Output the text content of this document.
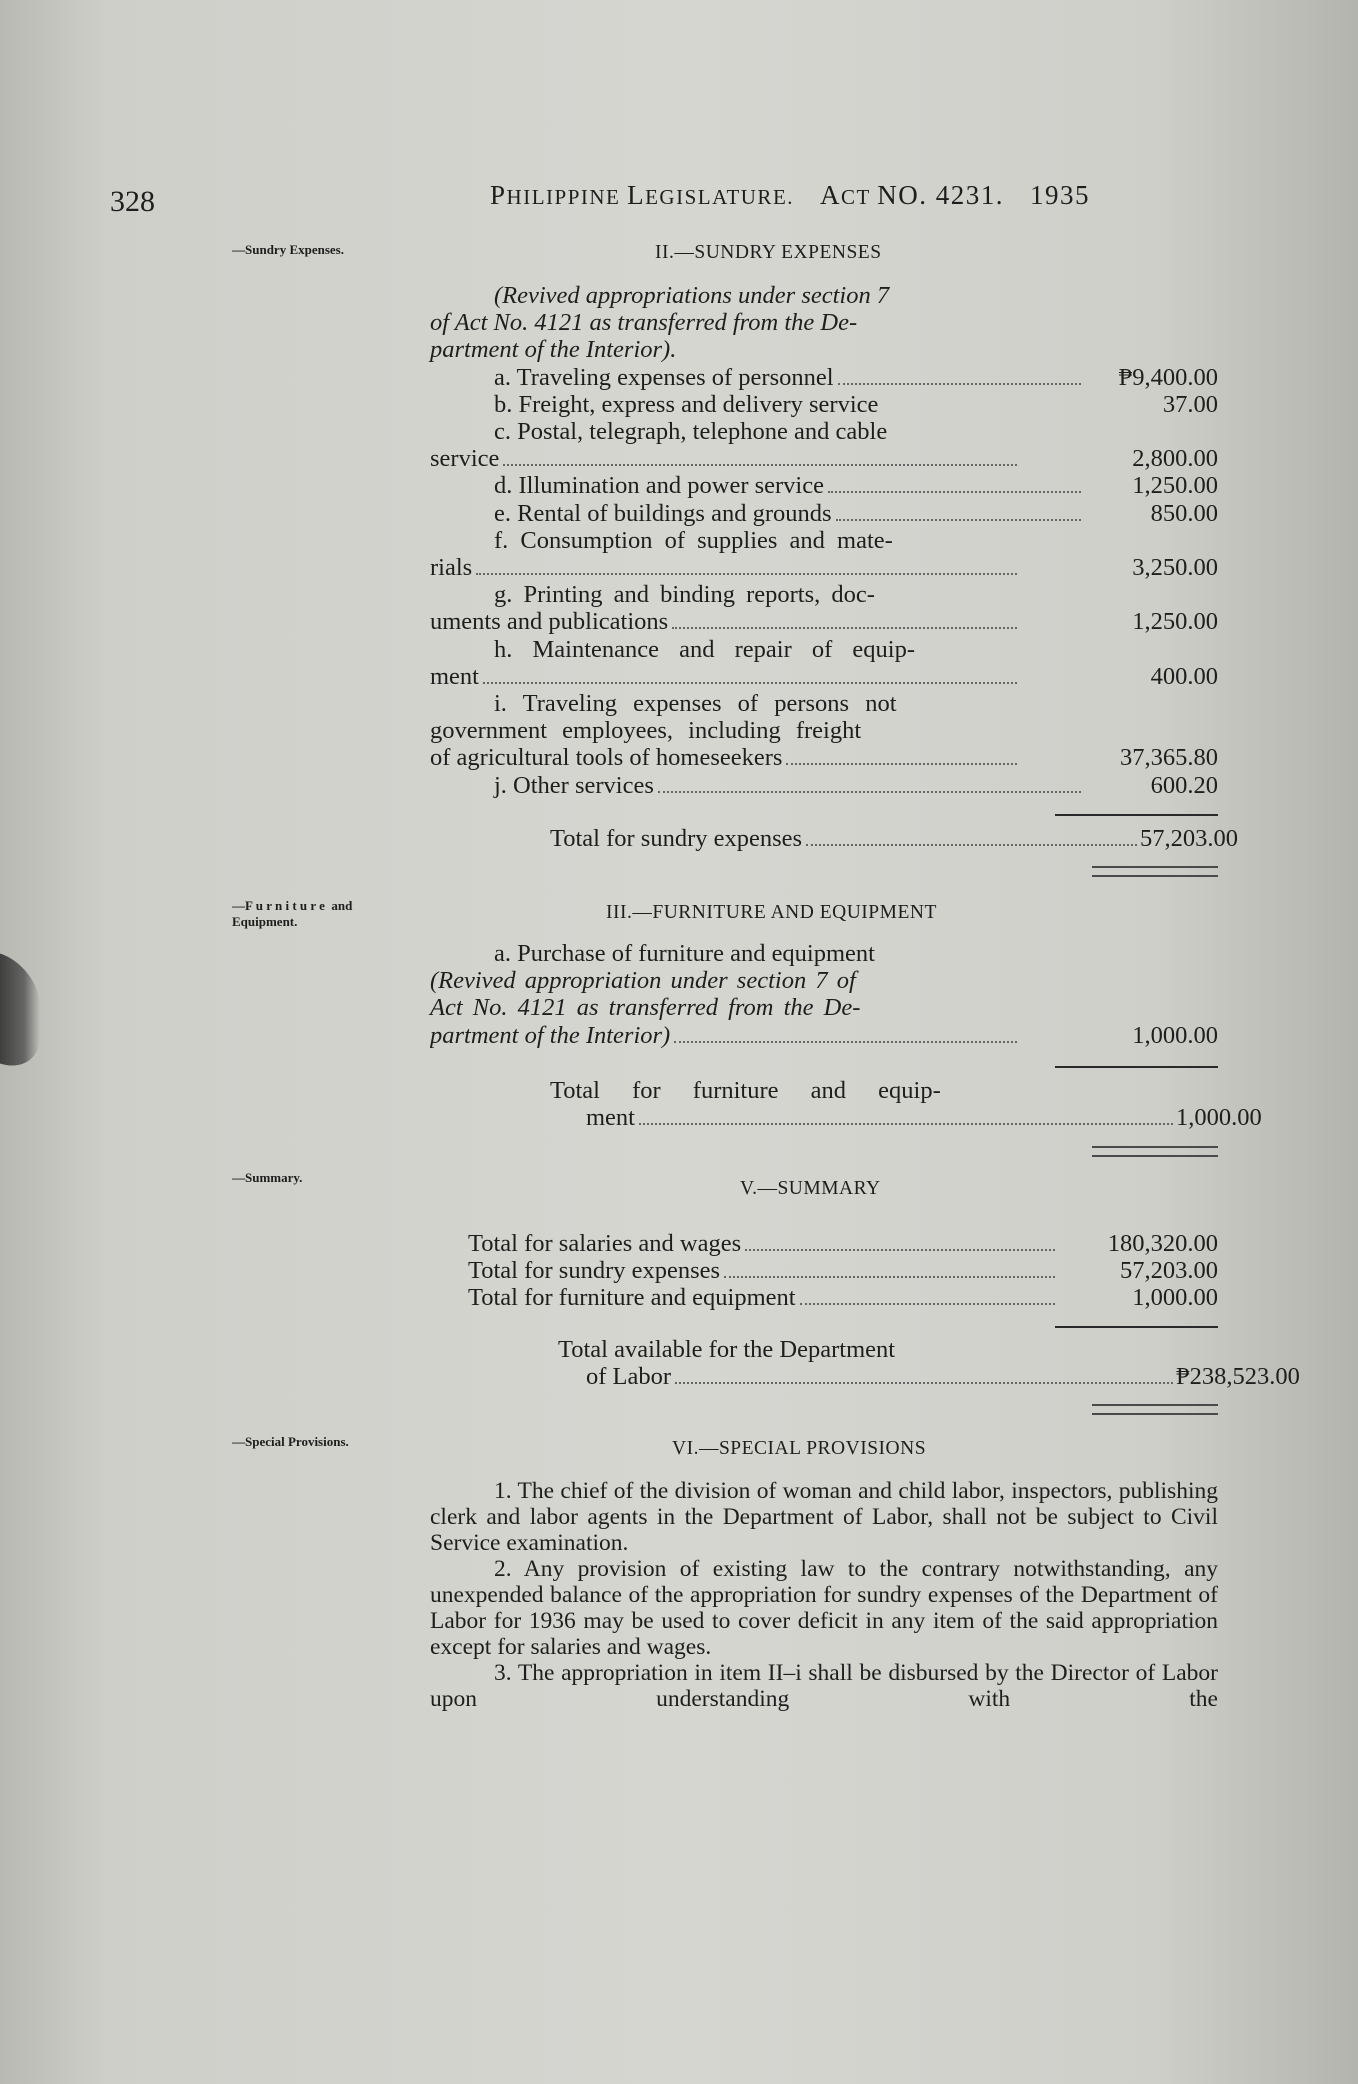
328	PHILIPPINE LEGISLATURE. ACT NO. 4231. 1935
—Sundry Expenses.
—F u r n i t u r e  and
Equipment.
—Summary.
—Special Provisions.
II.—SUNDRY EXPENSES
(Revived appropriations under section 7
of Act No. 4121 as transferred from the De-
partment of the Interior).
a. Traveling expenses of personnel	₱9,400.00
b. Freight, express and delivery service	37.00
c. Postal, telegraph, telephone and cable
service	2,800.00
d. Illumination and power service	1,250.00
e. Rental of buildings and grounds	850.00
f. Consumption of supplies and mate-
rials	3,250.00
g. Printing and binding reports, doc-
uments and publications	1,250.00
h. Maintenance and repair of equip-
ment	400.00
i. Traveling expenses of persons not
government employees, including freight
of agricultural tools of homeseekers	37,365.80
j. Other services	600.20
Total for sundry expenses	57,203.00
III.—FURNITURE AND EQUIPMENT
a. Purchase of furniture and equipment
(Revived appropriation under section 7 of
Act No. 4121 as transferred from the De-
partment of the Interior)	1,000.00
Total for furniture and equip-
ment	1,000.00
V.—SUMMARY
Total for salaries and wages	180,320.00
Total for sundry expenses	57,203.00
Total for furniture and equipment	1,000.00
Total available for the Department
of Labor	₱238,523.00
VI.—SPECIAL PROVISIONS

1. The chief of the division of woman and child labor, inspectors, publishing clerk and labor agents in the Department of Labor, shall not be subject to Civil Service examination.

2. Any provision of existing law to the contrary notwithstanding, any unexpended balance of the appropriation for sundry expenses of the Department of Labor for 1936 may be used to cover deficit in any item of the said appropriation except for salaries and wages.

3. The appropriation in item II–i shall be disbursed by the Director of Labor upon understanding with the
